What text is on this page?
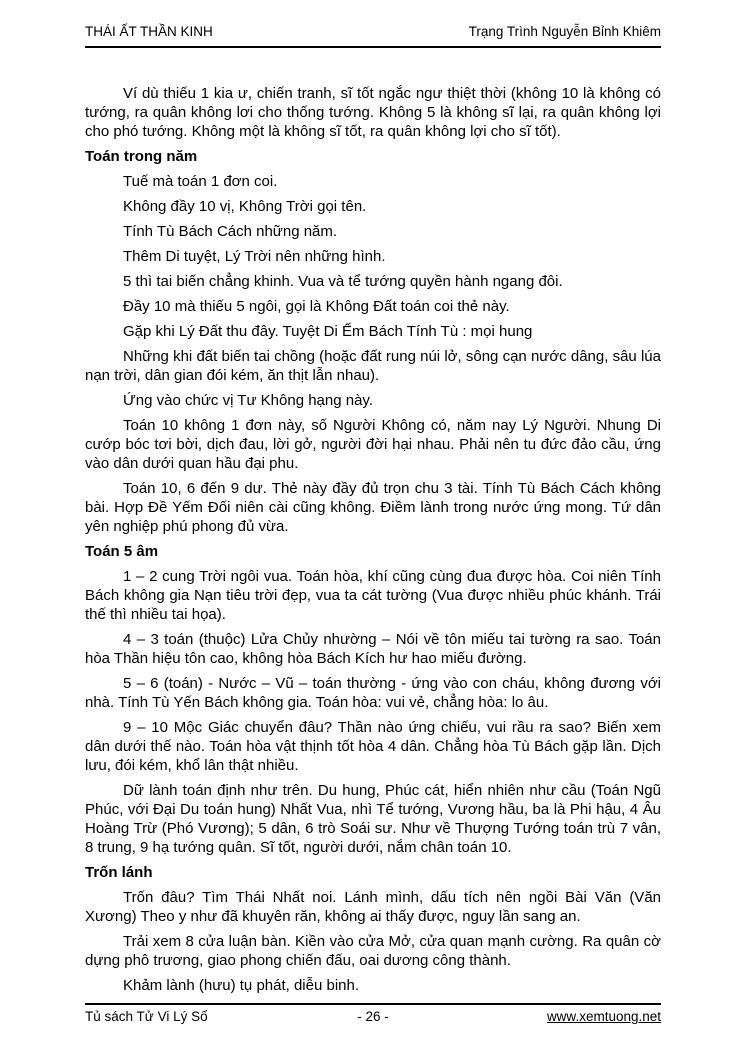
THÁI ẤT THẦN KINH	Trạng Trình Nguyễn Bỉnh Khiêm

Ví dù thiếu 1 kia ư, chiến tranh, sĩ tốt ngắc ngư thiệt thời (không 10 là không có tướng, ra quân không lơi cho thống tướng. Không 5 là không sĩ lại, ra quân không lợi cho phó tướng. Không một là không sĩ tốt, ra quân không lợi cho sĩ tốt).

Toán trong năm

Tuế mà toán 1 đơn coi.

Không đầy 10 vị, Không Trời gọi tên.

Tính Tù Bách Cách những năm.

Thêm Di tuyệt, Lý Trời nên những hình.

5 thì tai biến chẳng khinh. Vua và tể tướng quyền hành ngang đôi.

Đầy 10 mà thiếu 5 ngôi, gọi là Không Đất toán coi thẻ này.

Gặp khi Lý Đất thu đây. Tuyệt Di Ếm Bách Tính Tù : mọi hung

Những khi đất biến tai chồng (hoặc đất rung núi lở, sông cạn nước dâng, sâu lúa nạn trời, dân gian đói kém, ăn thịt lẫn nhau).

Ứng vào chức vị Tư Không hạng này.

Toán 10 không 1 đơn này, số Người Không có, năm nay Lý Người. Nhung Di cướp bóc tơi bời, dịch đau, lời gở, người đời hại nhau. Phải nên tu đức đảo cầu, ứng vào dân dưới quan hầu đại phu.

Toán 10, 6 đến 9 dư. Thẻ này đầy đủ trọn chu 3 tài. Tính Tù Bách Cách không bài. Hợp Đề Yếm Đối niên cài cũng không. Điềm lành trong nước ứng mong. Tứ dân yên nghiệp phú phong đủ vừa.

Toán 5 âm

1 – 2 cung Trời ngôi vua. Toán hòa, khí cũng cùng đua được hòa. Coi niên Tính Bách không gia Nạn tiêu trời đẹp, vua ta cát tường (Vua được nhiều phúc khánh. Trái thế thì nhiều tai họa).

4 – 3 toán (thuộc) Lửa Chủy nhường – Nói về tôn miếu tai tường ra sao. Toán hòa Thần hiệu tôn cao, không hòa Bách Kích hư hao miếu đường.

5 – 6 (toán) - Nước – Vũ – toán thường - ứng vào con cháu, không đương với nhà. Tính Tù Yến Bách không gia. Toán hòa: vui vẻ, chẳng hòa: lo âu.

9 – 10 Mộc Giác chuyển đâu? Thần nào ứng chiếu, vui rầu ra sao? Biến xem dân dưới thế nào. Toán hòa vật thịnh tốt hòa 4 dân. Chẳng hòa Tù Bách gặp lần. Dịch lưu, đói kém, khổ lân thật nhiều.

Dữ lành toán định như trên. Du hung, Phúc cát, hiển nhiên như cầu (Toán Ngũ Phúc, với Đại Du toán hung) Nhất Vua, nhì Tể tướng, Vương hầu, ba là Phi hậu, 4 Âu Hoàng Trừ (Phó Vương); 5 dân, 6 trò Soái sư. Như về Thượng Tướng toán trù 7 vân, 8 trung, 9 hạ tướng quân. Sĩ tốt, người dưới, nắm chân toán 10.

Trốn lánh

Trốn đâu? Tìm Thái Nhất noi. Lánh mình, dấu tích nên ngồi Bài Văn (Văn Xương) Theo y như đã khuyên răn, không ai thấy được, nguy lần sang an.

Trải xem 8 cửa luận bàn. Kiền vào cửa Mở, cửa quan mạnh cường. Ra quân cờ dựng phô trương, giao phong chiến đấu, oai dương công thành.

Khảm lành (hưu) tụ phát, diễu binh.

Tủ sách Tử Vi Lý Số	- 26 -	www.xemtuong.net
